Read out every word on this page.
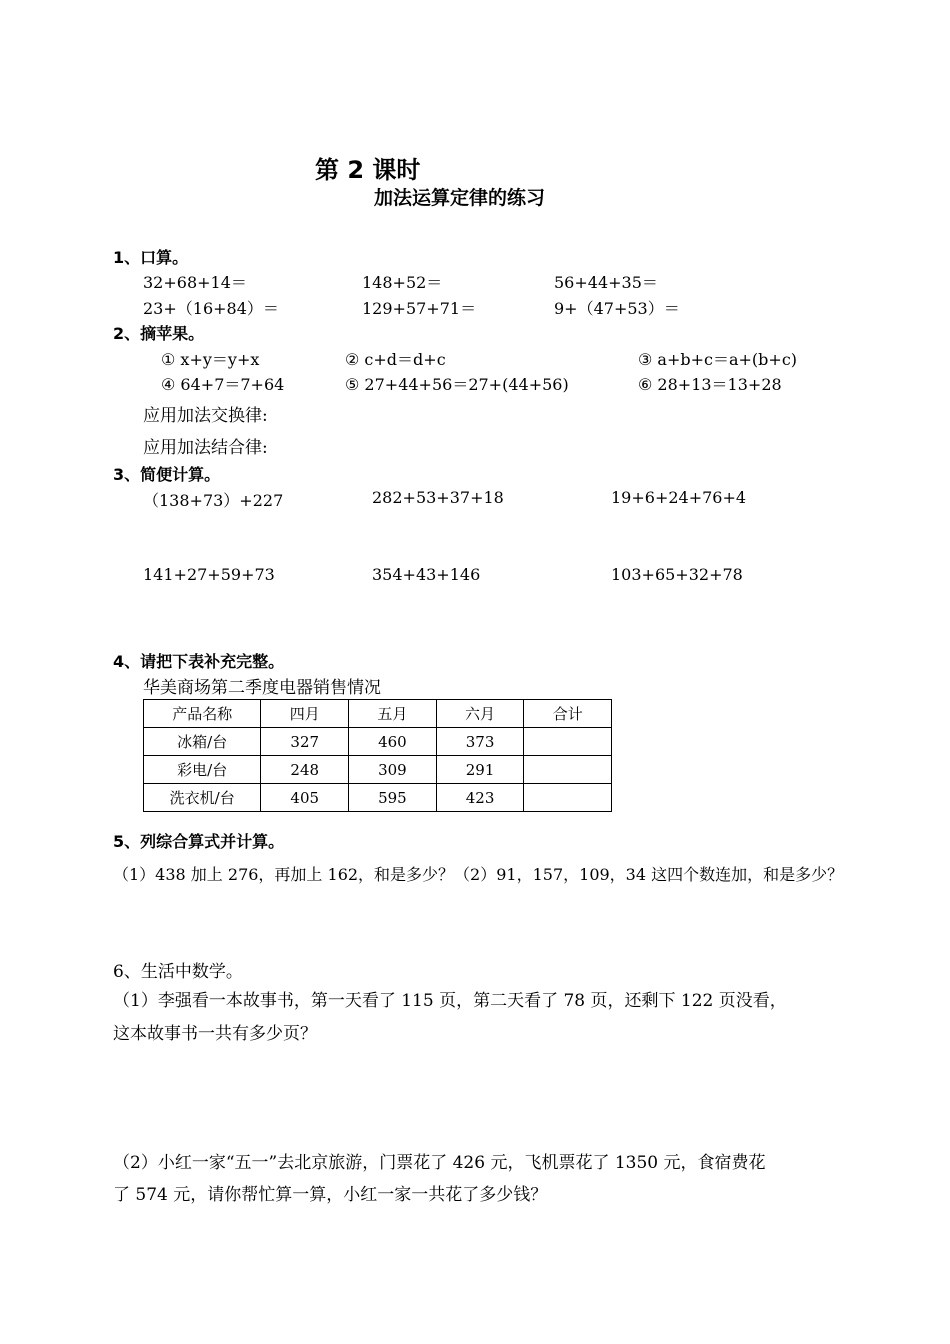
第 2 课时
加法运算定律的练习
1、口算。
32+68+14＝	148+52＝	56+44+35＝
23+（16+84）＝	129+57+71＝	9+（47+53）＝
2、摘苹果。
① x+y＝y+x	② c+d＝d+c	③ a+b+c＝a+(b+c)
④ 64+7＝7+64	⑤ 27+44+56＝27+(44+56)	⑥ 28+13＝13+28
应用加法交换律:
应用加法结合律:
3、简便计算。
（138+73）+227	282+53+37+18	19+6+24+76+4
141+27+59+73	354+43+146	103+65+32+78
4、请把下表补充完整。
华美商场第二季度电器销售情况
产品名称	四月	五月	六月	合计
冰箱/台	327	460	373	
彩电/台	248	309	291	
洗衣机/台	405	595	423	
5、列综合算式并计算。
（1）438 加上 276，再加上 162，和是多少？（2）91，157，109，34 这四个数连加，和是多少？
6、生活中数学。
（1）李强看一本故事书，第一天看了 115 页，第二天看了 78 页，还剩下 122 页没看，
这本故事书一共有多少页？
（2）小红一家“五一”去北京旅游，门票花了 426 元，飞机票花了 1350 元，食宿费花
了 574 元，请你帮忙算一算，小红一家一共花了多少钱？
